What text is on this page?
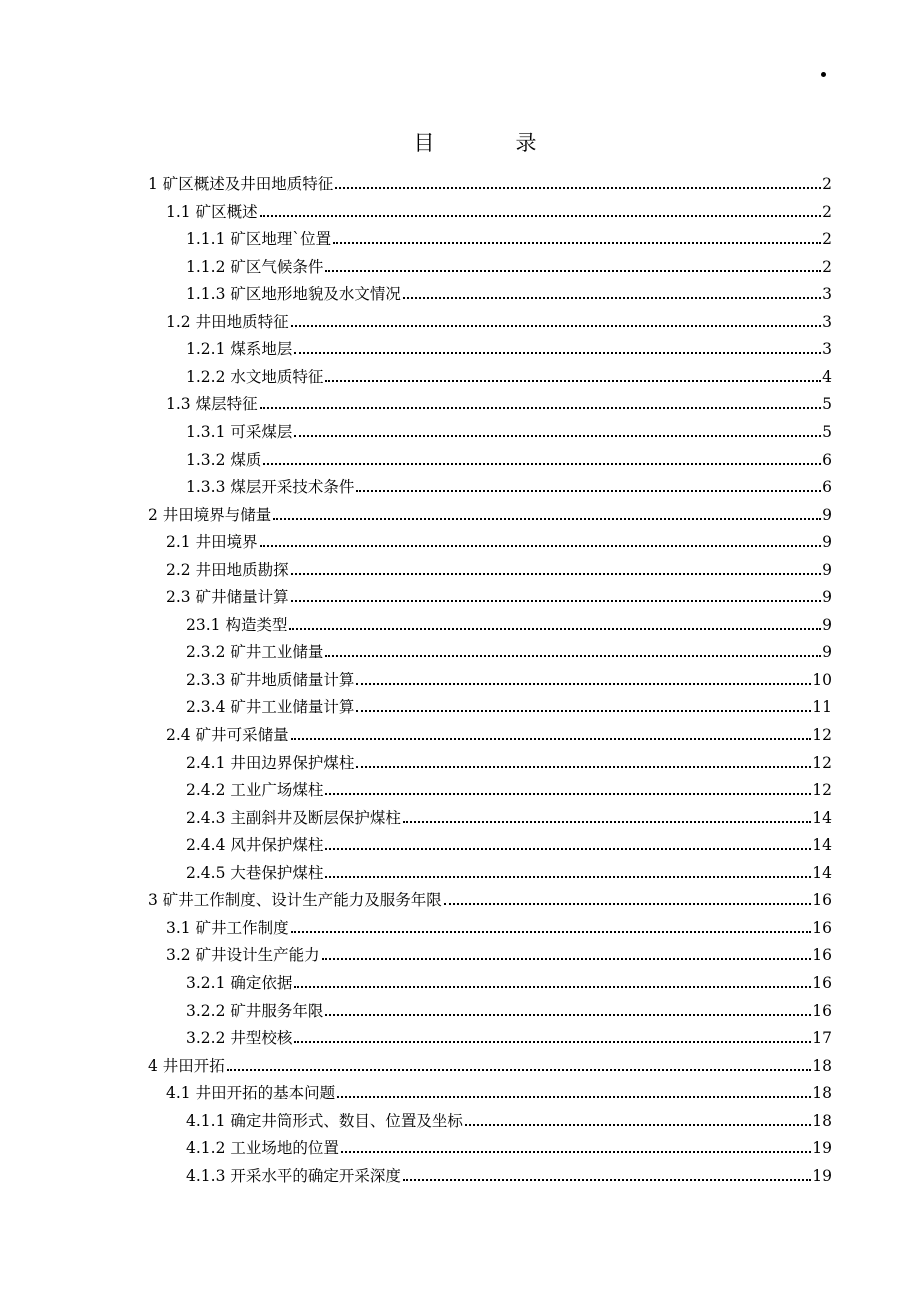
目　录
1 矿区概述及井田地质特征	2
1.1 矿区概述	2
1.1.1 矿区地理`位置	2
1.1.2 矿区气候条件	2
1.1.3 矿区地形地貌及水文情况	3
1.2 井田地质特征	3
1.2.1 煤系地层	3
1.2.2 水文地质特征	4
1.3 煤层特征	5
1.3.1 可采煤层	5
1.3.2 煤质	6
1.3.3 煤层开采技术条件	6
2 井田境界与储量	9
2.1 井田境界	9
2.2 井田地质勘探	9
2.3 矿井储量计算	9
23.1 构造类型	9
2.3.2 矿井工业储量	9
2.3.3 矿井地质储量计算	10
2.3.4 矿井工业储量计算	11
2.4 矿井可采储量	12
2.4.1 井田边界保护煤柱	12
2.4.2 工业广场煤柱	12
2.4.3 主副斜井及断层保护煤柱	14
2.4.4 风井保护煤柱	14
2.4.5 大巷保护煤柱	14
3 矿井工作制度、设计生产能力及服务年限	16
3.1 矿井工作制度	16
3.2 矿井设计生产能力	16
3.2.1 确定依据	16
3.2.2 矿井服务年限	16
3.2.2 井型校核	17
4 井田开拓	18
4.1 井田开拓的基本问题	18
4.1.1 确定井筒形式、数目、位置及坐标	18
4.1.2 工业场地的位置	19
4.1.3 开采水平的确定开采深度	19
